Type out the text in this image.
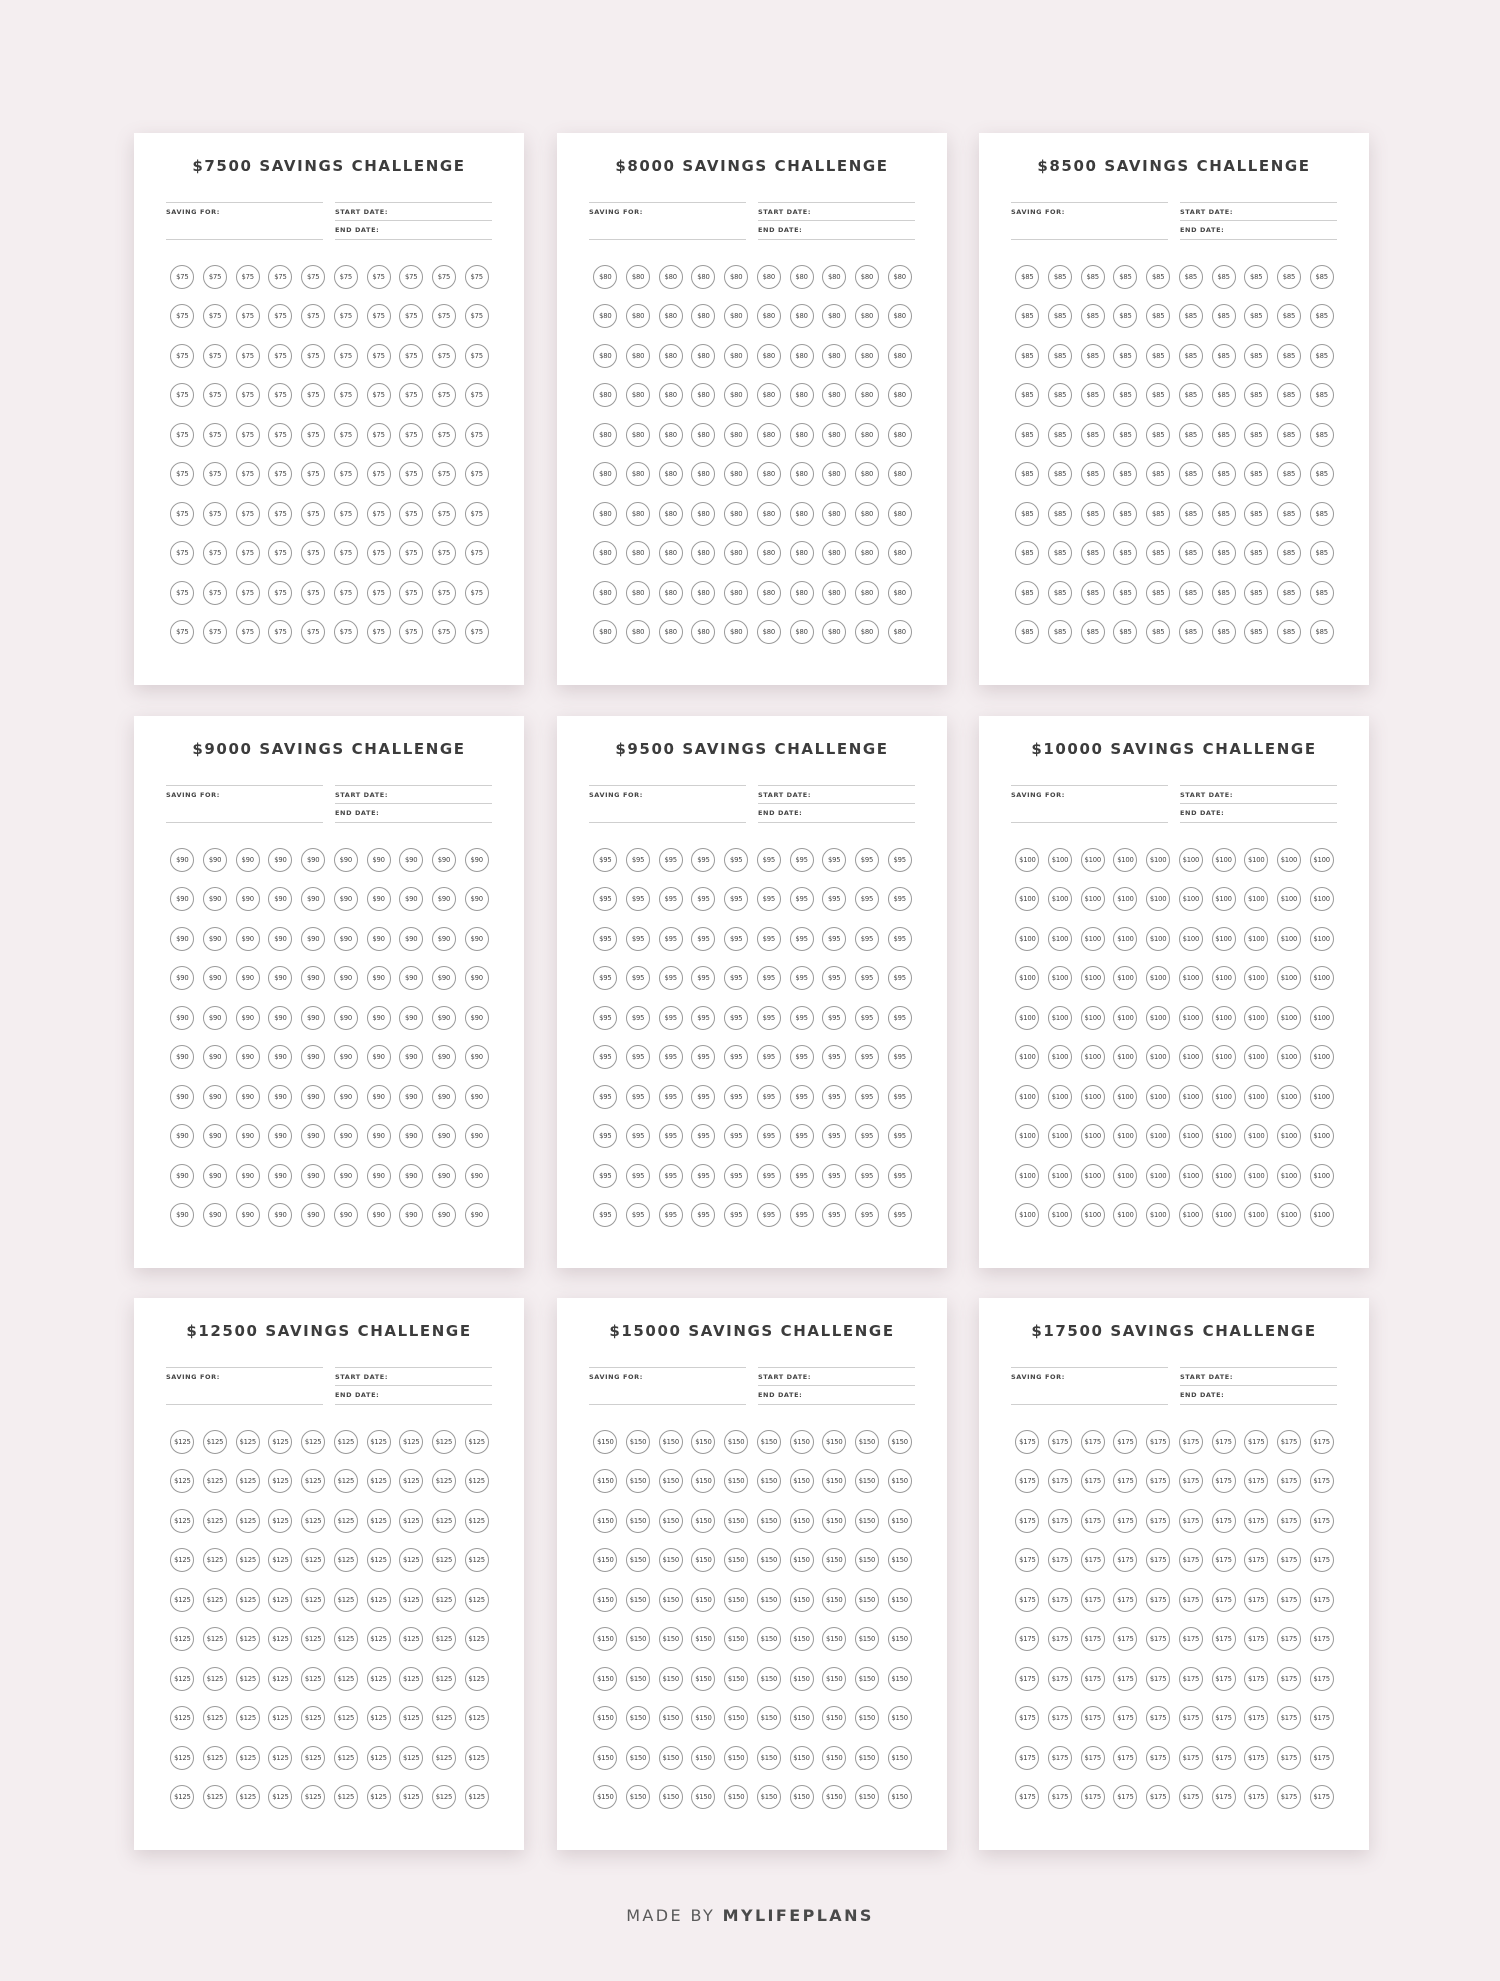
$7500 SAVINGS CHALLENGE
SAVING FOR:	START DATE:
END DATE:
$75	$75	$75	$75	$75	$75	$75	$75	$75	$75
$75	$75	$75	$75	$75	$75	$75	$75	$75	$75
$75	$75	$75	$75	$75	$75	$75	$75	$75	$75
$75	$75	$75	$75	$75	$75	$75	$75	$75	$75
$75	$75	$75	$75	$75	$75	$75	$75	$75	$75
$75	$75	$75	$75	$75	$75	$75	$75	$75	$75
$75	$75	$75	$75	$75	$75	$75	$75	$75	$75
$75	$75	$75	$75	$75	$75	$75	$75	$75	$75
$75	$75	$75	$75	$75	$75	$75	$75	$75	$75
$75	$75	$75	$75	$75	$75	$75	$75	$75	$75
$8000 SAVINGS CHALLENGE
SAVING FOR:	START DATE:
END DATE:
$80	$80	$80	$80	$80	$80	$80	$80	$80	$80
$80	$80	$80	$80	$80	$80	$80	$80	$80	$80
$80	$80	$80	$80	$80	$80	$80	$80	$80	$80
$80	$80	$80	$80	$80	$80	$80	$80	$80	$80
$80	$80	$80	$80	$80	$80	$80	$80	$80	$80
$80	$80	$80	$80	$80	$80	$80	$80	$80	$80
$80	$80	$80	$80	$80	$80	$80	$80	$80	$80
$80	$80	$80	$80	$80	$80	$80	$80	$80	$80
$80	$80	$80	$80	$80	$80	$80	$80	$80	$80
$80	$80	$80	$80	$80	$80	$80	$80	$80	$80
$8500 SAVINGS CHALLENGE
SAVING FOR:	START DATE:
END DATE:
$85	$85	$85	$85	$85	$85	$85	$85	$85	$85
$85	$85	$85	$85	$85	$85	$85	$85	$85	$85
$85	$85	$85	$85	$85	$85	$85	$85	$85	$85
$85	$85	$85	$85	$85	$85	$85	$85	$85	$85
$85	$85	$85	$85	$85	$85	$85	$85	$85	$85
$85	$85	$85	$85	$85	$85	$85	$85	$85	$85
$85	$85	$85	$85	$85	$85	$85	$85	$85	$85
$85	$85	$85	$85	$85	$85	$85	$85	$85	$85
$85	$85	$85	$85	$85	$85	$85	$85	$85	$85
$85	$85	$85	$85	$85	$85	$85	$85	$85	$85
$9000 SAVINGS CHALLENGE
SAVING FOR:	START DATE:
END DATE:
$90	$90	$90	$90	$90	$90	$90	$90	$90	$90
$90	$90	$90	$90	$90	$90	$90	$90	$90	$90
$90	$90	$90	$90	$90	$90	$90	$90	$90	$90
$90	$90	$90	$90	$90	$90	$90	$90	$90	$90
$90	$90	$90	$90	$90	$90	$90	$90	$90	$90
$90	$90	$90	$90	$90	$90	$90	$90	$90	$90
$90	$90	$90	$90	$90	$90	$90	$90	$90	$90
$90	$90	$90	$90	$90	$90	$90	$90	$90	$90
$90	$90	$90	$90	$90	$90	$90	$90	$90	$90
$90	$90	$90	$90	$90	$90	$90	$90	$90	$90
$9500 SAVINGS CHALLENGE
SAVING FOR:	START DATE:
END DATE:
$95	$95	$95	$95	$95	$95	$95	$95	$95	$95
$95	$95	$95	$95	$95	$95	$95	$95	$95	$95
$95	$95	$95	$95	$95	$95	$95	$95	$95	$95
$95	$95	$95	$95	$95	$95	$95	$95	$95	$95
$95	$95	$95	$95	$95	$95	$95	$95	$95	$95
$95	$95	$95	$95	$95	$95	$95	$95	$95	$95
$95	$95	$95	$95	$95	$95	$95	$95	$95	$95
$95	$95	$95	$95	$95	$95	$95	$95	$95	$95
$95	$95	$95	$95	$95	$95	$95	$95	$95	$95
$95	$95	$95	$95	$95	$95	$95	$95	$95	$95
$10000 SAVINGS CHALLENGE
SAVING FOR:	START DATE:
END DATE:
$100	$100	$100	$100	$100	$100	$100	$100	$100	$100
$100	$100	$100	$100	$100	$100	$100	$100	$100	$100
$100	$100	$100	$100	$100	$100	$100	$100	$100	$100
$100	$100	$100	$100	$100	$100	$100	$100	$100	$100
$100	$100	$100	$100	$100	$100	$100	$100	$100	$100
$100	$100	$100	$100	$100	$100	$100	$100	$100	$100
$100	$100	$100	$100	$100	$100	$100	$100	$100	$100
$100	$100	$100	$100	$100	$100	$100	$100	$100	$100
$100	$100	$100	$100	$100	$100	$100	$100	$100	$100
$100	$100	$100	$100	$100	$100	$100	$100	$100	$100
$12500 SAVINGS CHALLENGE
SAVING FOR:	START DATE:
END DATE:
$125	$125	$125	$125	$125	$125	$125	$125	$125	$125
$125	$125	$125	$125	$125	$125	$125	$125	$125	$125
$125	$125	$125	$125	$125	$125	$125	$125	$125	$125
$125	$125	$125	$125	$125	$125	$125	$125	$125	$125
$125	$125	$125	$125	$125	$125	$125	$125	$125	$125
$125	$125	$125	$125	$125	$125	$125	$125	$125	$125
$125	$125	$125	$125	$125	$125	$125	$125	$125	$125
$125	$125	$125	$125	$125	$125	$125	$125	$125	$125
$125	$125	$125	$125	$125	$125	$125	$125	$125	$125
$125	$125	$125	$125	$125	$125	$125	$125	$125	$125
$15000 SAVINGS CHALLENGE
SAVING FOR:	START DATE:
END DATE:
$150	$150	$150	$150	$150	$150	$150	$150	$150	$150
$150	$150	$150	$150	$150	$150	$150	$150	$150	$150
$150	$150	$150	$150	$150	$150	$150	$150	$150	$150
$150	$150	$150	$150	$150	$150	$150	$150	$150	$150
$150	$150	$150	$150	$150	$150	$150	$150	$150	$150
$150	$150	$150	$150	$150	$150	$150	$150	$150	$150
$150	$150	$150	$150	$150	$150	$150	$150	$150	$150
$150	$150	$150	$150	$150	$150	$150	$150	$150	$150
$150	$150	$150	$150	$150	$150	$150	$150	$150	$150
$150	$150	$150	$150	$150	$150	$150	$150	$150	$150
$17500 SAVINGS CHALLENGE
SAVING FOR:	START DATE:
END DATE:
$175	$175	$175	$175	$175	$175	$175	$175	$175	$175
$175	$175	$175	$175	$175	$175	$175	$175	$175	$175
$175	$175	$175	$175	$175	$175	$175	$175	$175	$175
$175	$175	$175	$175	$175	$175	$175	$175	$175	$175
$175	$175	$175	$175	$175	$175	$175	$175	$175	$175
$175	$175	$175	$175	$175	$175	$175	$175	$175	$175
$175	$175	$175	$175	$175	$175	$175	$175	$175	$175
$175	$175	$175	$175	$175	$175	$175	$175	$175	$175
$175	$175	$175	$175	$175	$175	$175	$175	$175	$175
$175	$175	$175	$175	$175	$175	$175	$175	$175	$175

MADE BY MYLIFEPLANS
